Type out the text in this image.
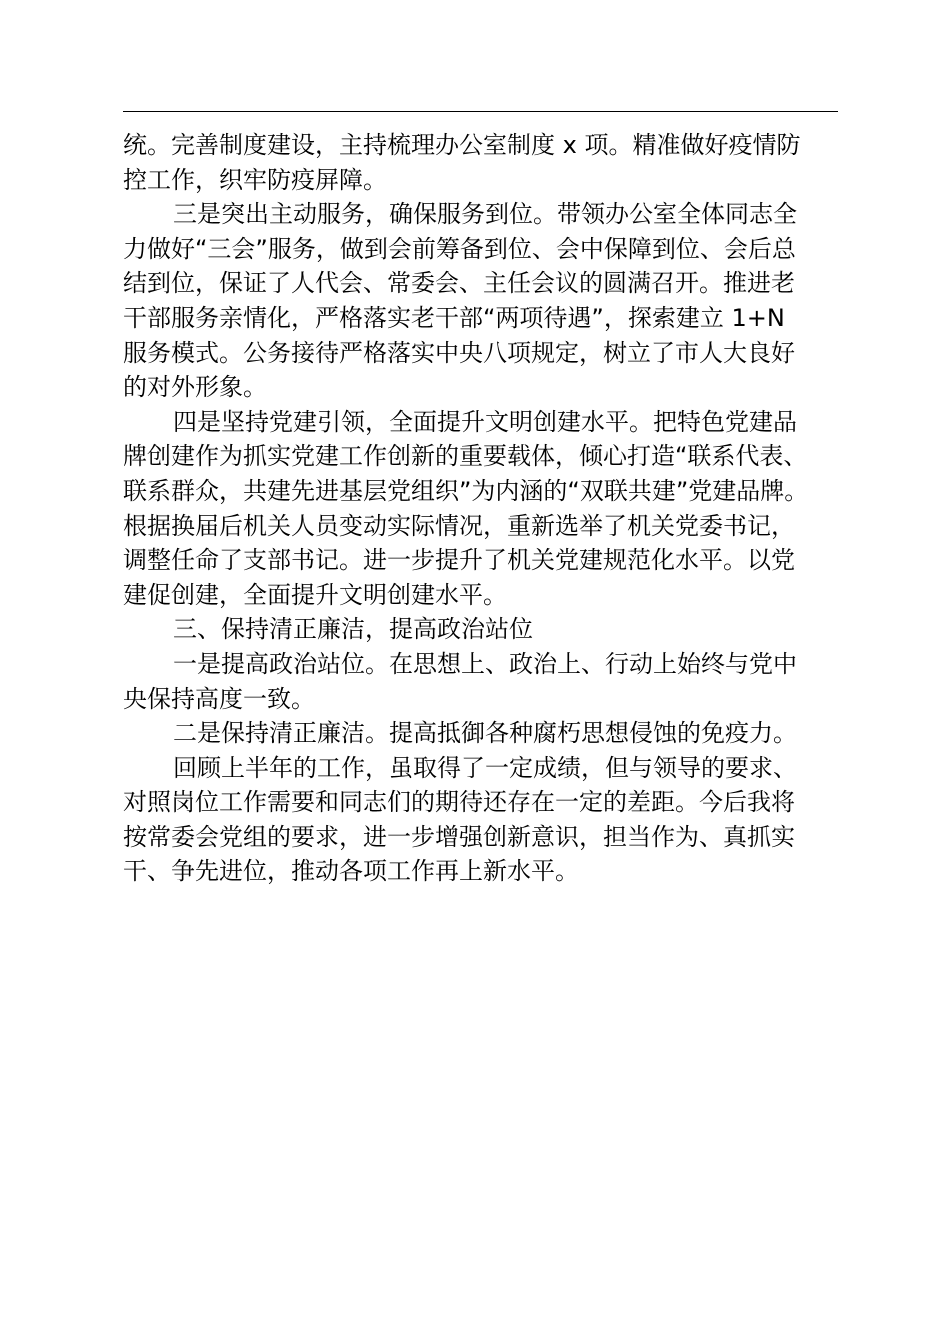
统。完善制度建设，主持梳理办公室制度 x 项。精准做好疫情防
控工作，织牢防疫屏障。
三是突出主动服务，确保服务到位。带领办公室全体同志全
力做好“三会”服务，做到会前筹备到位、会中保障到位、会后总
结到位，保证了人代会、常委会、主任会议的圆满召开。推进老
干部服务亲情化，严格落实老干部“两项待遇”，探索建立 1+N
服务模式。公务接待严格落实中央八项规定，树立了市人大良好
的对外形象。
四是坚持党建引领，全面提升文明创建水平。把特色党建品
牌创建作为抓实党建工作创新的重要载体，倾心打造“联系代表、
联系群众，共建先进基层党组织”为内涵的“双联共建”党建品牌。
根据换届后机关人员变动实际情况，重新选举了机关党委书记，
调整任命了支部书记。进一步提升了机关党建规范化水平。以党
建促创建，全面提升文明创建水平。
三、保持清正廉洁，提高政治站位
一是提高政治站位。在思想上、政治上、行动上始终与党中
央保持高度一致。
二是保持清正廉洁。提高抵御各种腐朽思想侵蚀的免疫力。
回顾上半年的工作，虽取得了一定成绩，但与领导的要求、
对照岗位工作需要和同志们的期待还存在一定的差距。今后我将
按常委会党组的要求，进一步增强创新意识，担当作为、真抓实
干、争先进位，推动各项工作再上新水平。
